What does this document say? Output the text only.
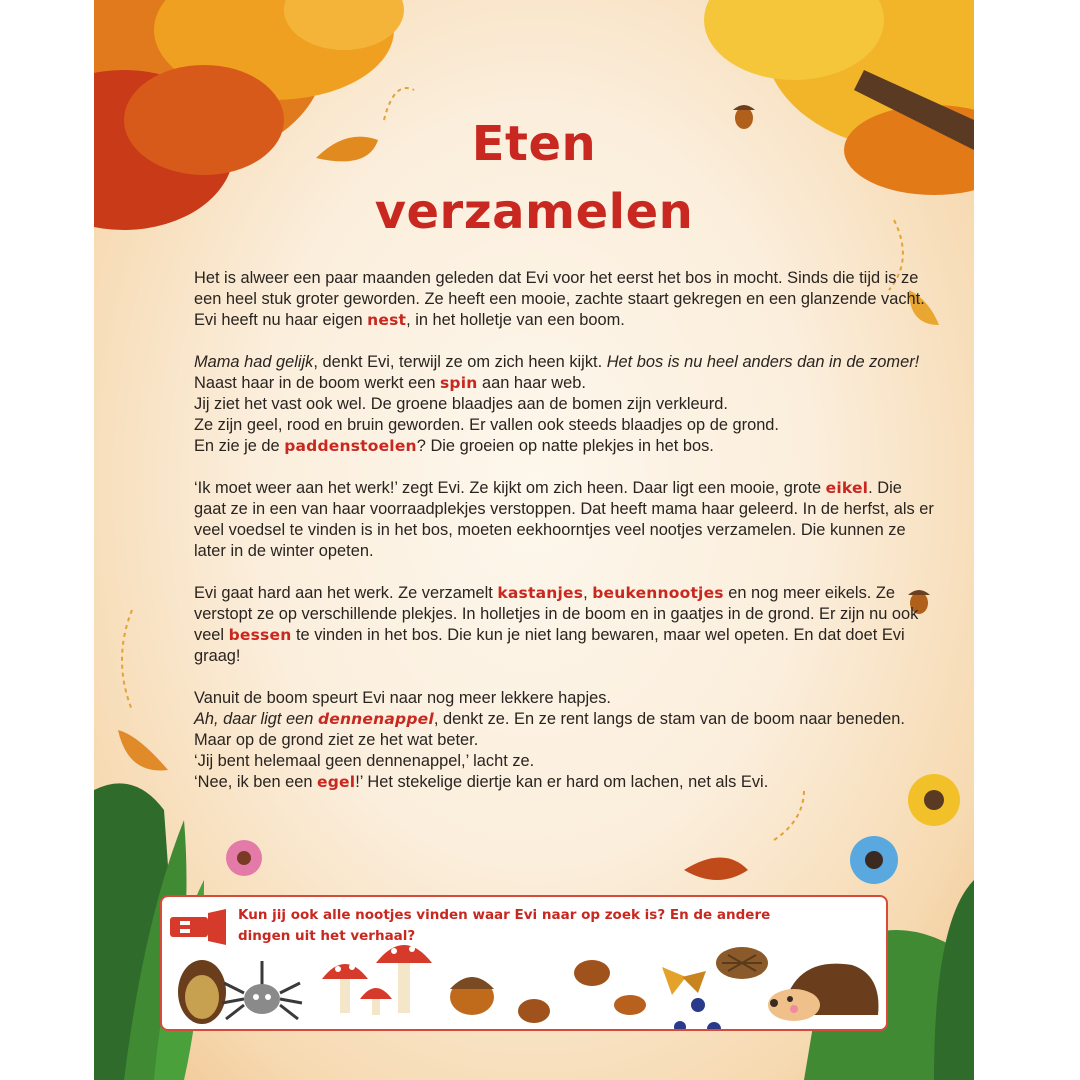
Eten
verzamelen

Het is alweer een paar maanden geleden dat Evi voor het eerst het bos in mocht. Sinds die tijd is ze een heel stuk groter geworden. Ze heeft een mooie, zachte staart gekregen en een glanzende vacht. Evi heeft nu haar eigen nest, in het holletje van een boom.

Mama had gelijk, denkt Evi, terwijl ze om zich heen kijkt. Het bos is nu heel anders dan in de zomer! Naast haar in de boom werkt een spin aan haar web.
Jij ziet het vast ook wel. De groene blaadjes aan de bomen zijn verkleurd.
Ze zijn geel, rood en bruin geworden. Er vallen ook steeds blaadjes op de grond.
En zie je de paddenstoelen? Die groeien op natte plekjes in het bos.

‘Ik moet weer aan het werk!’ zegt Evi. Ze kijkt om zich heen. Daar ligt een mooie, grote eikel. Die gaat ze in een van haar voorraadplekjes verstoppen. Dat heeft mama haar geleerd. In de herfst, als er veel voedsel te vinden is in het bos, moeten eekhoorntjes veel nootjes verzamelen. Die kunnen ze later in de winter opeten.

Evi gaat hard aan het werk. Ze verzamelt kastanjes, beukennootjes en nog meer eikels. Ze verstopt ze op verschillende plekjes. In holletjes in de boom en in gaatjes in de grond. Er zijn nu ook veel bessen te vinden in het bos. Die kun je niet lang bewaren, maar wel opeten. En dat doet Evi graag!

Vanuit de boom speurt Evi naar nog meer lekkere hapjes.
Ah, daar ligt een dennenappel, denkt ze. En ze rent langs de stam van de boom naar beneden. Maar op de grond ziet ze het wat beter.
‘Jij bent helemaal geen dennenappel,’ lacht ze.
‘Nee, ik ben een egel!’ Het stekelige diertje kan er hard om lachen, net als Evi.

Kun jij ook alle nootjes vinden waar Evi naar op zoek is? En de andere dingen uit het verhaal?
